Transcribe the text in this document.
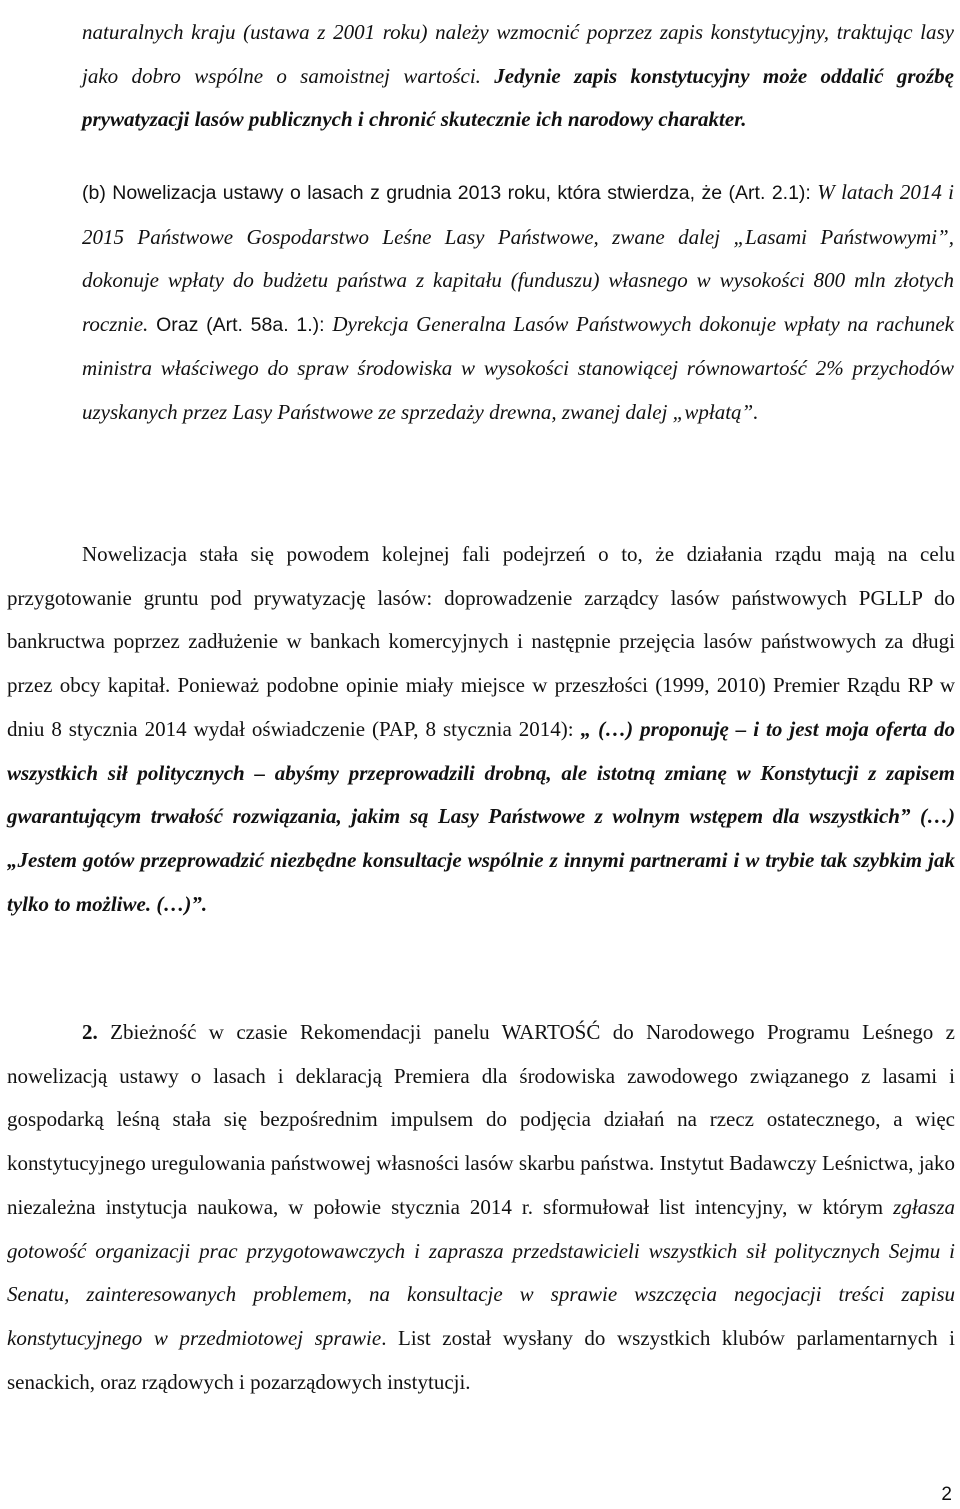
naturalnych kraju (ustawa z 2001 roku) należy wzmocnić poprzez zapis konstytucyjny, traktując lasy jako dobro wspólne o samoistnej wartości. Jedynie zapis konstytucyjny może oddalić groźbę prywatyzacji lasów publicznych i chronić skutecznie ich narodowy charakter.

(b) Nowelizacja ustawy o lasach z grudnia 2013 roku, która stwierdza, że (Art. 2.1): W latach 2014 i 2015 Państwowe Gospodarstwo Leśne Lasy Państwowe, zwane dalej „Lasami Państwowymi”, dokonuje wpłaty do budżetu państwa z kapitału (funduszu) własnego w wysokości 800 mln złotych rocznie. Oraz (Art. 58a. 1.): Dyrekcja Generalna Lasów Państwowych dokonuje wpłaty na rachunek ministra właściwego do spraw środowiska w wysokości stanowiącej równowartość 2% przychodów uzyskanych przez Lasy Państwowe ze sprzedaży drewna, zwanej dalej „wpłatą”.

Nowelizacja stała się powodem kolejnej fali podejrzeń o to, że działania rządu mają na celu przygotowanie gruntu pod prywatyzację lasów: doprowadzenie zarządcy lasów państwowych PGLLP do bankructwa poprzez zadłużenie w bankach komercyjnych i następnie przejęcia lasów państwowych za długi przez obcy kapitał. Ponieważ podobne opinie miały miejsce w przeszłości (1999, 2010) Premier Rządu RP w dniu 8 stycznia 2014 wydał oświadczenie (PAP, 8 stycznia 2014): „ (…) proponuję – i to jest moja oferta do wszystkich sił politycznych – abyśmy przeprowadzili drobną, ale istotną zmianę w Konstytucji z zapisem gwarantującym trwałość rozwiązania, jakim są Lasy Państwowe z wolnym wstępem dla wszystkich” (…) „Jestem gotów przeprowadzić niezbędne konsultacje wspólnie z innymi partnerami i w trybie tak szybkim jak tylko to możliwe. (…)”.

2. Zbieżność w czasie Rekomendacji panelu WARTOŚĆ do Narodowego Programu Leśnego z nowelizacją ustawy o lasach i deklaracją Premiera dla środowiska zawodowego związanego z lasami i gospodarką leśną stała się bezpośrednim impulsem do podjęcia działań na rzecz ostatecznego, a więc konstytucyjnego uregulowania państwowej własności lasów skarbu państwa. Instytut Badawczy Leśnictwa, jako niezależna instytucja naukowa, w połowie stycznia 2014 r. sformułował list intencyjny, w którym zgłasza gotowość organizacji prac przygotowawczych i zaprasza przedstawicieli wszystkich sił politycznych Sejmu i Senatu, zainteresowanych problemem, na konsultacje w sprawie wszczęcia negocjacji treści zapisu konstytucyjnego w przedmiotowej sprawie. List został wysłany do wszystkich klubów parlamentarnych i senackich, oraz rządowych i pozarządowych instytucji.

2
